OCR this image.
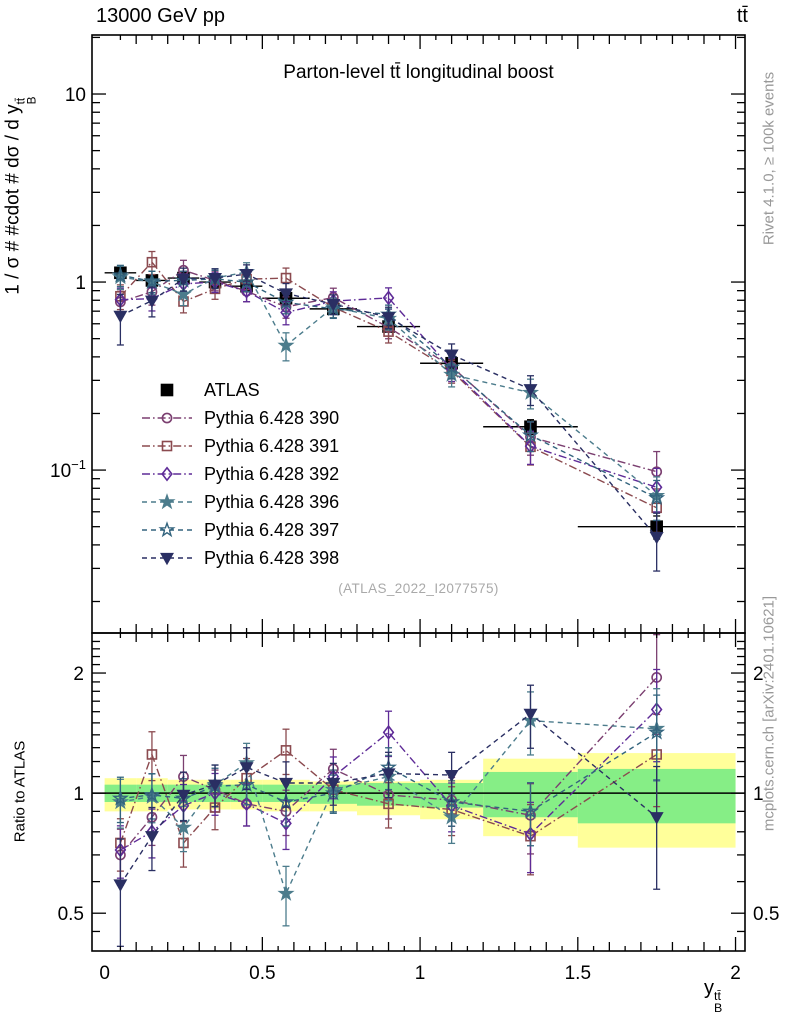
0	0.5	1	1.5	2
10
1
$10^{-1}$
2	2
1	1
0.5	0.5
ATLAS
Pythia 6.428 390
Pythia 6.428 391
Pythia 6.428 392
Pythia 6.428 396
Pythia 6.428 397
Pythia 6.428 398
13000 GeV pp	tt̄
Parton-level tt̄ longitudinal boost
(ATLAS_2022_I2077575)
Rivet 4.1.0, ≥ 100k events
mcplots.cern.ch [arXiv:2401.10621]
1 / σ # #cdot # dσ / d y
tt̄
B
Ratio to ATLAS
y tt̄
B
